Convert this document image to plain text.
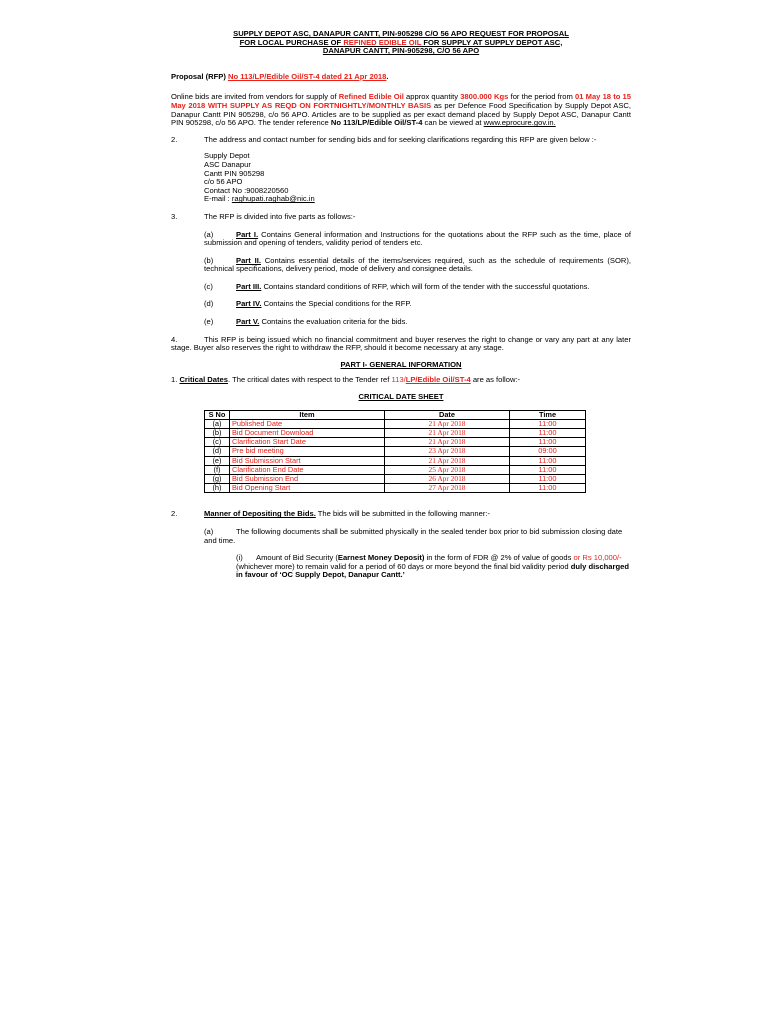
SUPPLY DEPOT ASC, DANAPUR CANTT, PIN-905298 C/O 56 APO REQUEST FOR PROPOSAL

FOR LOCAL PURCHASE OF REFINED EDIBLE OIL FOR SUPPLY AT SUPPLY DEPOT ASC,

DANAPUR CANTT, PIN-905298, C/O 56 APO

Proposal (RFP) No 113/LP/Edible Oil/ST-4 dated 21 Apr 2018.

Online bids are invited from vendors for supply of Refined Edible Oil approx quantity 3800.000 Kgs for the period from 01 May 18 to 15 May 2018 WITH SUPPLY AS REQD ON FORTNIGHTLY/MONTHLY BASIS as per Defence Food Specification by Supply Depot ASC, Danapur Cantt PIN 905298, c/o 56 APO. Articles are to be supplied as per exact demand placed by Supply Depot ASC, Danapur Cantt PIN 905298, c/o 56 APO. The tender reference No 113/LP/Edible Oil/ST-4 can be viewed at www.eprocure.gov.in.

2.	The address and contact number for sending bids and for seeking clarifications regarding this RFP are given below :-

Supply Depot

ASC Danapur

Cantt PIN 905298

c/o 56 APO

Contact No :9008220560

E-mail : raghupati.raghab@nic.in

3.	The RFP is divided into five parts as follows:-

(a)	Part I. Contains General information and Instructions for the quotations about the RFP such as the time, place of submission and opening of tenders, validity period of tenders etc.

(b)	Part II. Contains essential details of the items/services required, such as the schedule of requirements (SOR), technical specifications, delivery period, mode of delivery and consignee details.

(c)	Part III. Contains standard conditions of RFP, which will form of the tender with the successful quotations.

(d)	Part IV. Contains the Special conditions for the RFP.

(e)	Part V. Contains the evaluation criteria for the bids.

4.	This RFP is being issued which no financial commitment and buyer reserves the right to change or vary any part at any later stage. Buyer also reserves the right to withdraw the RFP, should it become necessary at any stage.

PART I- GENERAL INFORMATION

1. Critical Dates. The critical dates with respect to the Tender ref 113/LP/Edible Oil/ST-4 are as follow:-

CRITICAL DATE SHEET

S No	Item	Date	Time
(a)	Published Date	21 Apr 2018	11:00
(b)	Bid Document Download	21 Apr 2018	11:00
(c)	Clarification Start Date	21 Apr 2018	11:00
(d)	Pre bid meeting	23 Apr 2018	09:00
(e)	Bid Submission Start	21 Apr 2018	11:00
(f)	Clarification End Date	25 Apr 2018	11:00
(g)	Bid Submission End	26 Apr 2018	11:00
(h)	Bid Opening Start	27 Apr 2018	11:00

2.	Manner of Depositing the Bids. The bids will be submitted in the following manner:-

(a)	The following documents shall be submitted physically in the sealed tender box prior to bid submission closing date and time.

(i) Amount of Bid Security (Earnest Money Deposit) in the form of FDR @ 2% of value of goods or Rs 10,000/- (whichever more) to remain valid for a period of 60 days or more beyond the final bid validity period duly discharged in favour of ‘OC Supply Depot, Danapur Cantt.’
